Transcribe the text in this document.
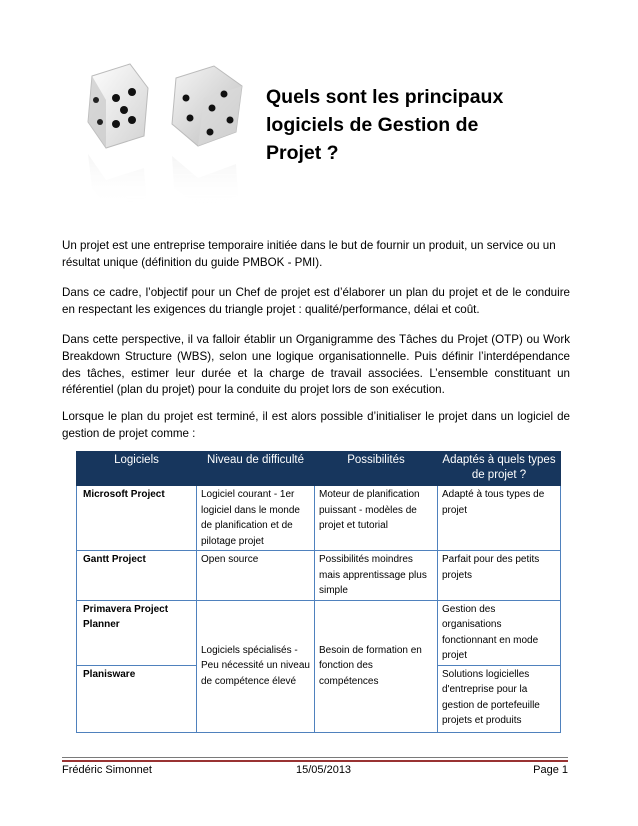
Quels sont les principaux
logiciels de Gestion de
Projet ?

Un projet est une entreprise temporaire initiée dans le but de fournir un produit, un service ou un résultat unique (définition du guide PMBOK - PMI).

Dans ce cadre, l’objectif pour un Chef de projet est d’élaborer un plan du projet et de le conduire en respectant les exigences du triangle projet : qualité/performance, délai et coût.

Dans cette perspective, il va falloir établir un Organigramme des Tâches du Projet (OTP) ou Work Breakdown Structure (WBS), selon une logique organisationnelle. Puis définir l’interdépendance des tâches, estimer leur durée et la charge de travail associées. L’ensemble constituant un référentiel (plan du projet) pour la conduite du projet lors de son exécution.

Lorsque le plan du projet est terminé, il est alors possible d’initialiser le projet dans un logiciel de gestion de projet comme :

Logiciels	Niveau de difficulté	Possibilités	Adaptés à quels types de projet ?
Microsoft Project	Logiciel courant - 1er logiciel dans le monde de planification et de pilotage projet	Moteur de planification puissant - modèles de projet et tutorial	Adapté à tous types de projet
Gantt Project	Open source	Possibilités moindres mais apprentissage plus simple	Parfait pour des petits projets
Primavera Project Planner	Logiciels spécialisés - Peu nécessité un niveau de compétence élevé	Besoin de formation en fonction des compétences	Gestion des organisations fonctionnant en mode projet
Planisware			Solutions logicielles d'entreprise pour la gestion de portefeuille projets et produits
Frédéric Simonnet	15/05/2013	Page 1
